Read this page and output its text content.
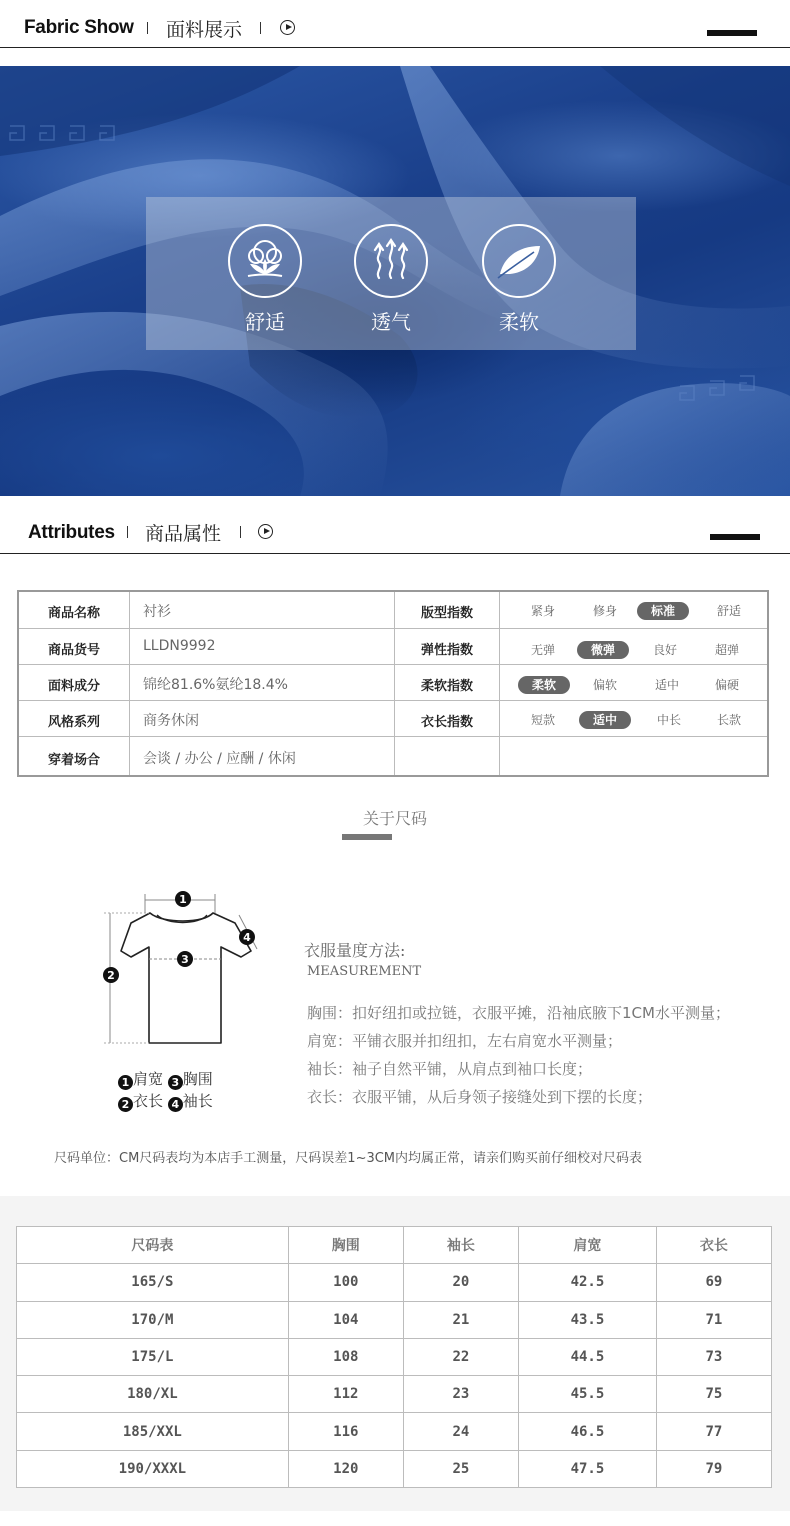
Fabric Show 面料展示
舒适	透气	柔软
Attributes 商品属性
商品名称	衬衫	版型指数	紧身	修身	标准	舒适
商品货号	LLDN9992	弹性指数	无弹	微弹	良好	超弹
面料成分	锦纶81.6%氨纶18.4%	柔软指数	柔软	偏软	适中	偏硬
风格系列	商务休闲	衣长指数	短款	适中	中长	长款
穿着场合	会谈 / 办公 / 应酬 / 休闲
关于尺码
1
2
3
4
1 肩宽 3 胸围
2 衣长 4 袖长
衣服量度方法:
MEASUREMENT
胸围：扣好纽扣或拉链，衣服平摊，沿袖底腋下1CM水平测量；
肩宽：平铺衣服并扣纽扣，左右肩宽水平测量；
袖长：袖子自然平铺，从肩点到袖口长度；
衣长：衣服平铺，从后身领子接缝处到下摆的长度；
尺码单位：CM尺码表均为本店手工测量，尺码误差1~3CM内均属正常，请亲们购买前仔细校对尺码表
尺码表	胸围	袖长	肩宽	衣长
165/S	100	20	42.5	69
170/M	104	21	43.5	71
175/L	108	22	44.5	73
180/XL	112	23	45.5	75
185/XXL	116	24	46.5	77
190/XXXL	120	25	47.5	79
